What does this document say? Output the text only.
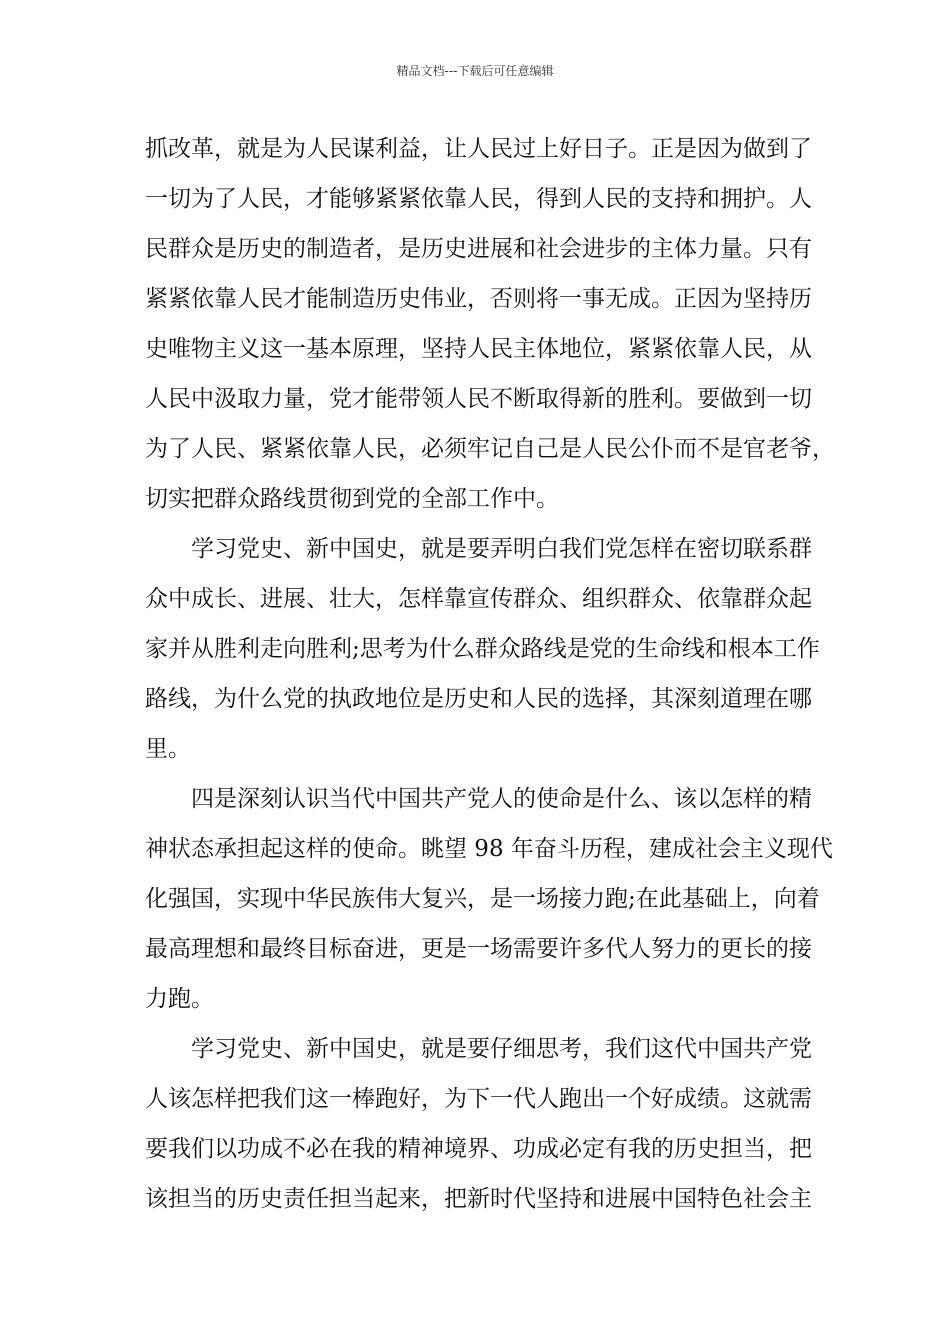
精品文档---下载后可任意编辑
抓改革，就是为人民谋利益，让人民过上好日子。正是因为做到了
一切为了人民，才能够紧紧依靠人民，得到人民的支持和拥护。人
民群众是历史的制造者，是历史进展和社会进步的主体力量。只有
紧紧依靠人民才能制造历史伟业，否则将一事无成。正因为坚持历
史唯物主义这一基本原理，坚持人民主体地位，紧紧依靠人民，从
人民中汲取力量，党才能带领人民不断取得新的胜利。要做到一切
为了人民、紧紧依靠人民，必须牢记自己是人民公仆而不是官老爷，
切实把群众路线贯彻到党的全部工作中。
学习党史、新中国史，就是要弄明白我们党怎样在密切联系群
众中成长、进展、壮大，怎样靠宣传群众、组织群众、依靠群众起
家并从胜利走向胜利;思考为什么群众路线是党的生命线和根本工作
路线，为什么党的执政地位是历史和人民的选择，其深刻道理在哪
里。
四是深刻认识当代中国共产党人的使命是什么、该以怎样的精
神状态承担起这样的使命。眺望 98 年奋斗历程，建成社会主义现代
化强国，实现中华民族伟大复兴，是一场接力跑;在此基础上，向着
最高理想和最终目标奋进，更是一场需要许多代人努力的更长的接
力跑。
学习党史、新中国史，就是要仔细思考，我们这代中国共产党
人该怎样把我们这一棒跑好，为下一代人跑出一个好成绩。这就需
要我们以功成不必在我的精神境界、功成必定有我的历史担当，把
该担当的历史责任担当起来，把新时代坚持和进展中国特色社会主
